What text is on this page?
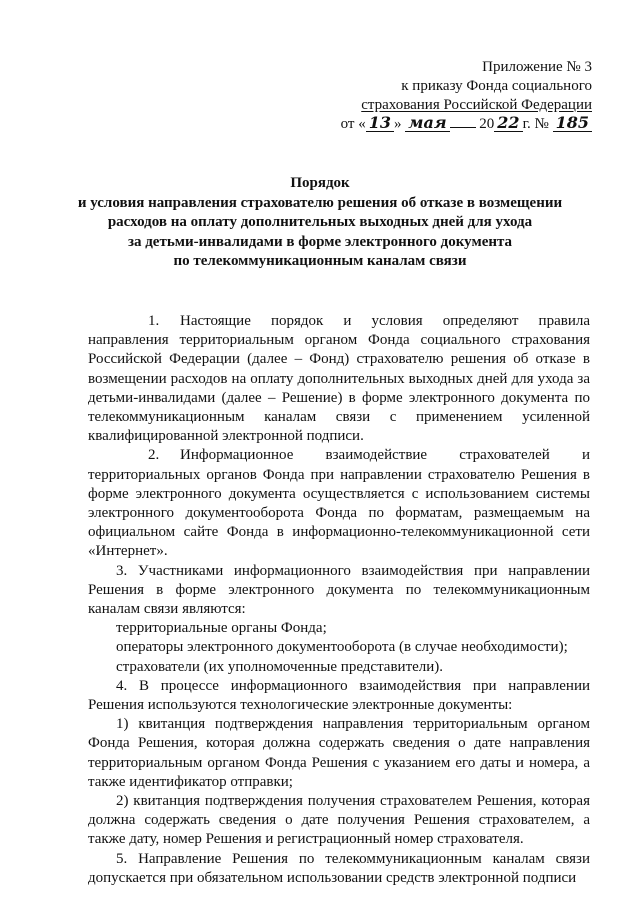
Приложение № 3
к приказу Фонда социального
страхования Российской Федерации
от « 13 » мая 20 22 г. № 185
Порядок
и условия направления страхователю решения об отказе в возмещении
расходов на оплату дополнительных выходных дней для ухода
за детьми-инвалидами в форме электронного документа
по телекоммуникационным каналам связи

1. Настоящие порядок и условия определяют правила направления территориальным органом Фонда социального страхования Российской Федерации (далее – Фонд) страхователю решения об отказе в возмещении расходов на оплату дополнительных выходных дней для ухода за детьми-инвалидами (далее – Решение) в форме электронного документа по телекоммуникационным каналам связи с применением усиленной квалифицированной электронной подписи.

2. Информационное взаимодействие страхователей и территориальных органов Фонда при направлении страхователю Решения в форме электронного документа осуществляется с использованием системы электронного документооборота Фонда по форматам, размещаемым на официальном сайте Фонда в информационно-телекоммуникационной сети «Интернет».

3. Участниками информационного взаимодействия при направлении Решения в форме электронного документа по телекоммуникационным каналам связи являются:

территориальные органы Фонда;

операторы электронного документооборота (в случае необходимости);

страхователи (их уполномоченные представители).

4. В процессе информационного взаимодействия при направлении Решения используются технологические электронные документы:

1) квитанция подтверждения направления территориальным органом Фонда Решения, которая должна содержать сведения о дате направления территориальным органом Фонда Решения с указанием его даты и номера, а также идентификатор отправки;

2) квитанция подтверждения получения страхователем Решения, которая должна содержать сведения о дате получения Решения страхователем, а также дату, номер Решения и регистрационный номер страхователя.

5. Направление Решения по телекоммуникационным каналам связи допускается при обязательном использовании средств электронной подписи
